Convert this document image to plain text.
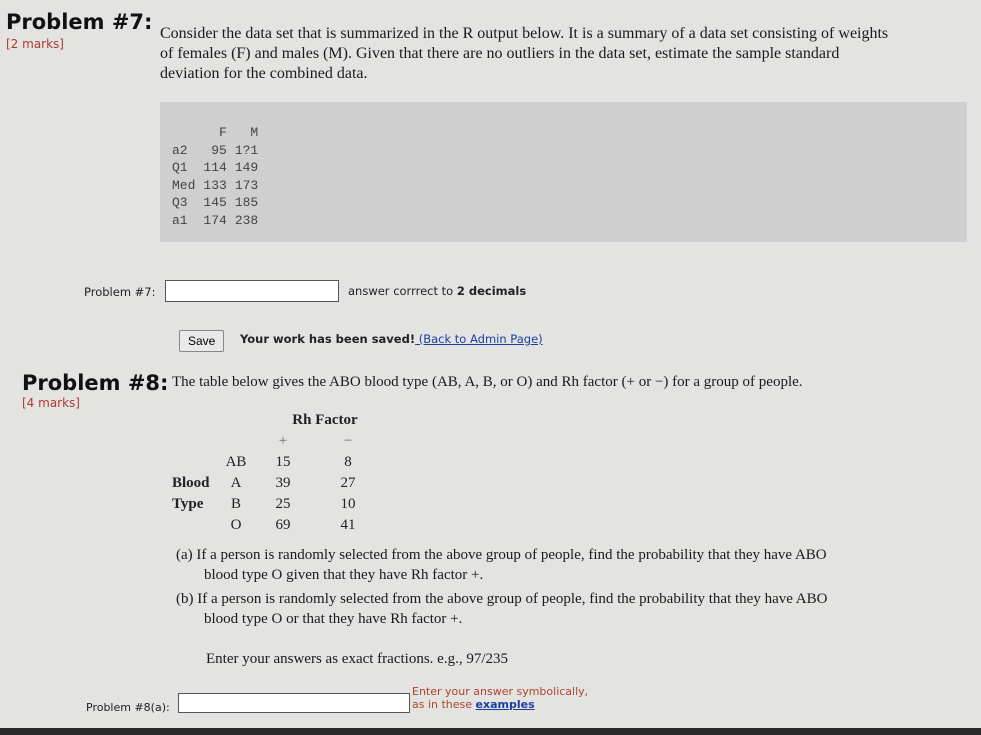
Problem #7:
[2 marks]
Consider the data set that is summarized in the R output below. It is a summary of a data set consisting of weights
of females (F) and males (M). Given that there are no outliers in the data set, estimate the sample standard
deviation for the combined data.
	F	M
a2	95	1?1
Q1	114	149
Med	133	173
Q3	145	185
a1	174	238
Problem #7:	answer corrrect to 2 decimals
Save	Your work has been saved! (Back to Admin Page)
Problem #8:
[4 marks]
The table below gives the ABO blood type (AB, A, B, or O) and Rh factor (+ or −) for a group of people.
		Rh Factor	
		+	−
	AB	15	8
Blood	A	39	27
Type	B	25	10
	O	69	41
(a) If a person is randomly selected from the above group of people, find the probability that they have ABO
blood type O given that they have Rh factor +.
(b) If a person is randomly selected from the above group of people, find the probability that they have ABO
blood type O or that they have Rh factor +.
Enter your answers as exact fractions. e.g., 97/235
Problem #8(a):
Enter your answer symbolically,
as in these examples
